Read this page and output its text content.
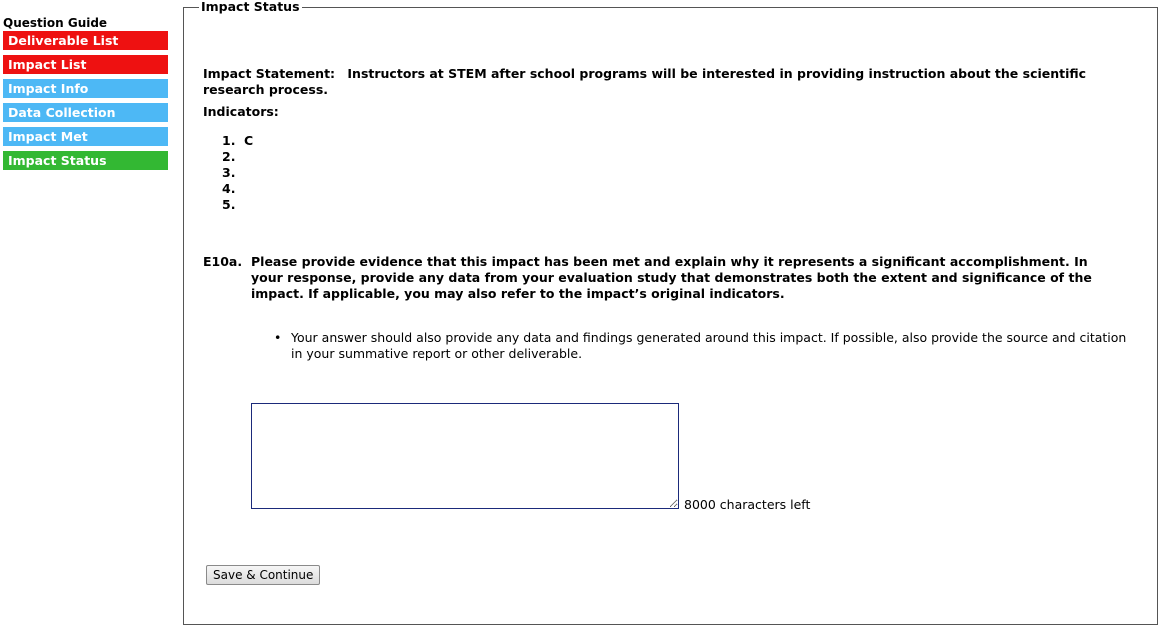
Question Guide
Deliverable List
Impact List
Impact Info
Data Collection
Impact Met
Impact Status
Impact Status
Impact Statement: Instructors at STEM after school programs will be interested in providing instruction about the scientific research process.
Indicators:
1. C
2.
3.
4.
5.
E10a. Please provide evidence that this impact has been met and explain why it represents a significant accomplishment. In your response, provide any data from your evaluation study that demonstrates both the extent and significance of the impact. If applicable, you may also refer to the impact’s original indicators.
• Your answer should also provide any data and findings generated around this impact. If possible, also provide the source and citation in your summative report or other deliverable.
8000 characters left
Save & Continue
